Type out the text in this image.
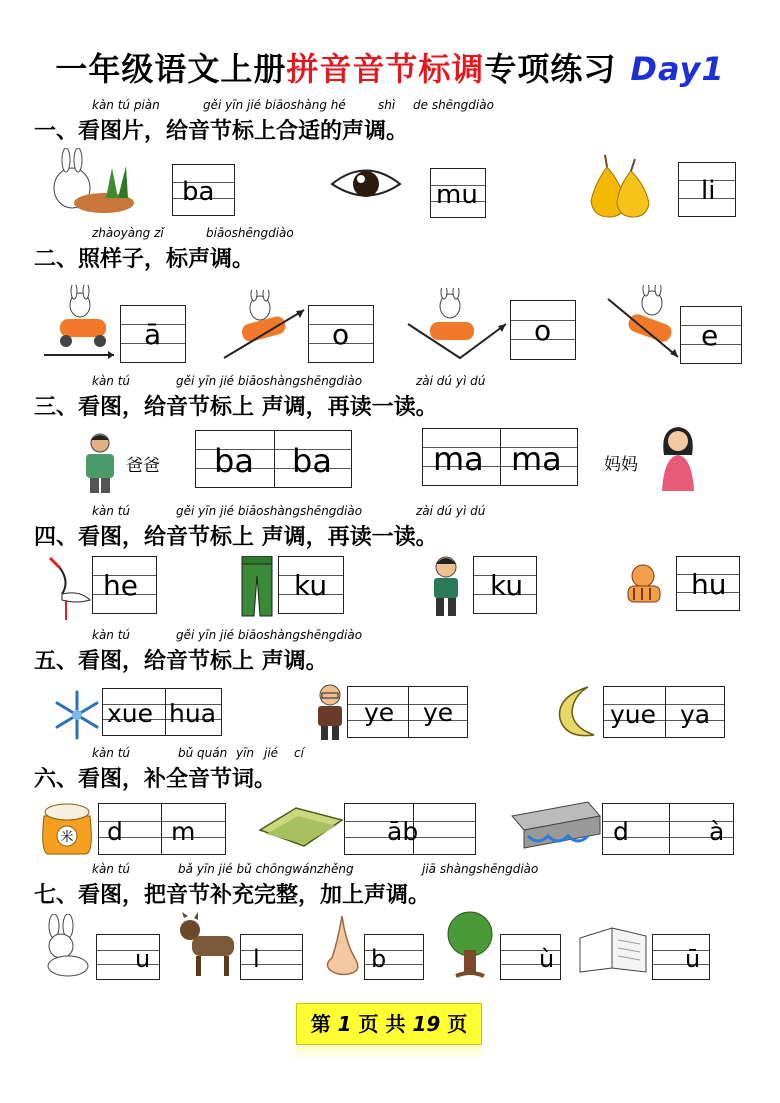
一年级语文上册拼音音节标调专项练习 Day1
kàn tú piàn	gěi yīn jié biāoshàng hé	shì de shēngdiào
一、看图片，给音节标上合适的声调。
ba	mu	li
zhàoyàng zǐ	biāoshēngdiào
二、照样子，标声调。
ā	o	o	e
kàn tú	gěi yīn jié biāoshàngshēngdiào	zài dú yì dú
三、看图，给音节标上 声调，再读一读。
爸爸 ba ba	ma ma 妈妈
kàn tú	gěi yīn jié biāoshàngshēngdiào	zài dú yì dú
四、看图，给音节标上 声调，再读一读。
he	ku	ku	hu
kàn tú	gěi yīn jié biāoshàngshēngdiào
五、看图，给音节标上 声调。
xue hua	ye ye	yue ya
kàn tú	bǔ quán yīn jié cí
六、看图，补全音节词。
米 d m	āb	d	à
kàn tú	bǎ yīn jié bǔ chōngwánzhěng	jiā shàngshēngdiào
七、看图，把音节补充完整，加上声调。
u	l	b	ù	ū
第 1 页 共 19 页
